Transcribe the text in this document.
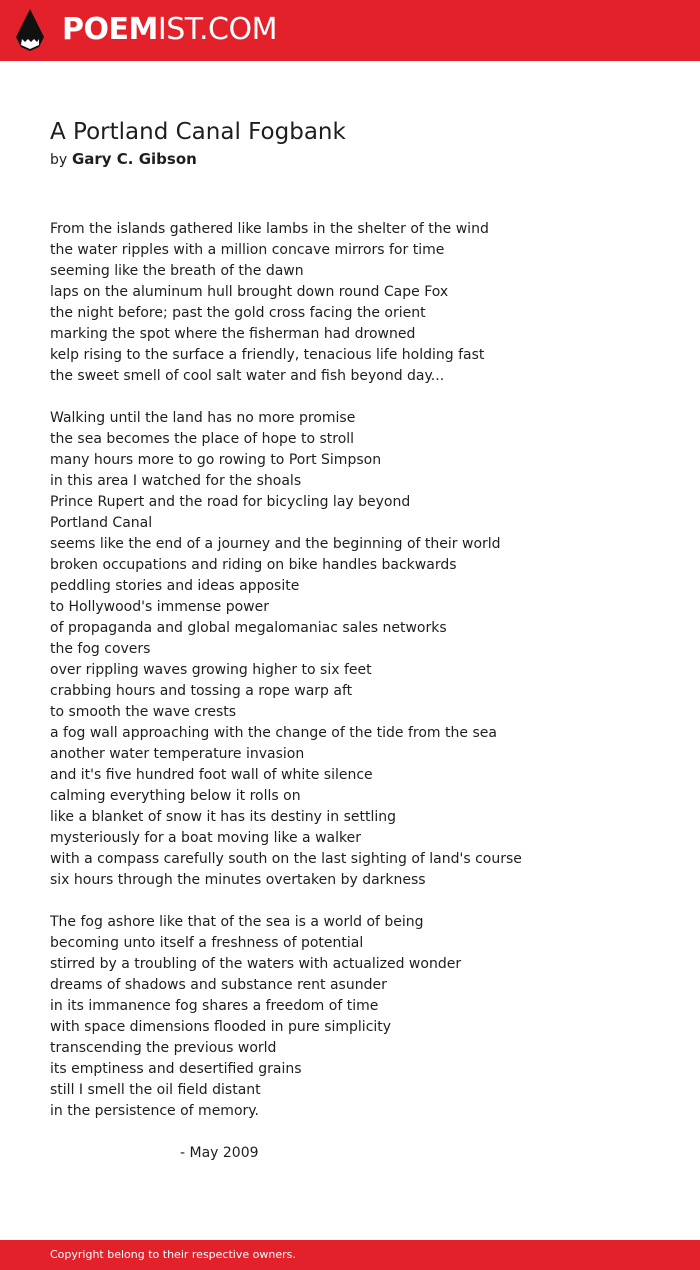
POEMIST.COM
A Portland Canal Fogbank
by Gary C. Gibson
From the islands gathered like lambs in the shelter of the wind
the water ripples with a million concave mirrors for time
seeming like the breath of the dawn
laps on the aluminum hull brought down round Cape Fox
the night before; past the gold cross facing the orient
marking the spot where the fisherman had drowned
kelp rising to the surface a friendly, tenacious life holding fast
the sweet smell of cool salt water and fish beyond day...
Walking until the land has no more promise
the sea becomes the place of hope to stroll
many hours more to go rowing to Port Simpson
in this area I watched for the shoals
Prince Rupert and the road for bicycling lay beyond
Portland Canal
seems like the end of a journey and the beginning of their world
broken occupations and riding on bike handles backwards
peddling stories and ideas apposite
to Hollywood's immense power
of propaganda and global megalomaniac sales networks
the fog covers
over rippling waves growing higher to six feet
crabbing hours and tossing a rope warp aft
to smooth the wave crests
a fog wall approaching with the change of the tide from the sea
another water temperature invasion
and it's five hundred foot wall of white silence
calming everything below it rolls on
like a blanket of snow it has its destiny in settling
mysteriously for a boat moving like a walker
with a compass carefully south on the last sighting of land's course
six hours through the minutes overtaken by darkness
The fog ashore like that of the sea is a world of being
becoming unto itself a freshness of potential
stirred by a troubling of the waters with actualized wonder
dreams of shadows and substance rent asunder
in its immanence fog shares a freedom of time
with space dimensions flooded in pure simplicity
transcending the previous world
its emptiness and desertified grains
still I smell the oil field distant
in the persistence of memory.
- May 2009
Copyright belong to their respective owners.
